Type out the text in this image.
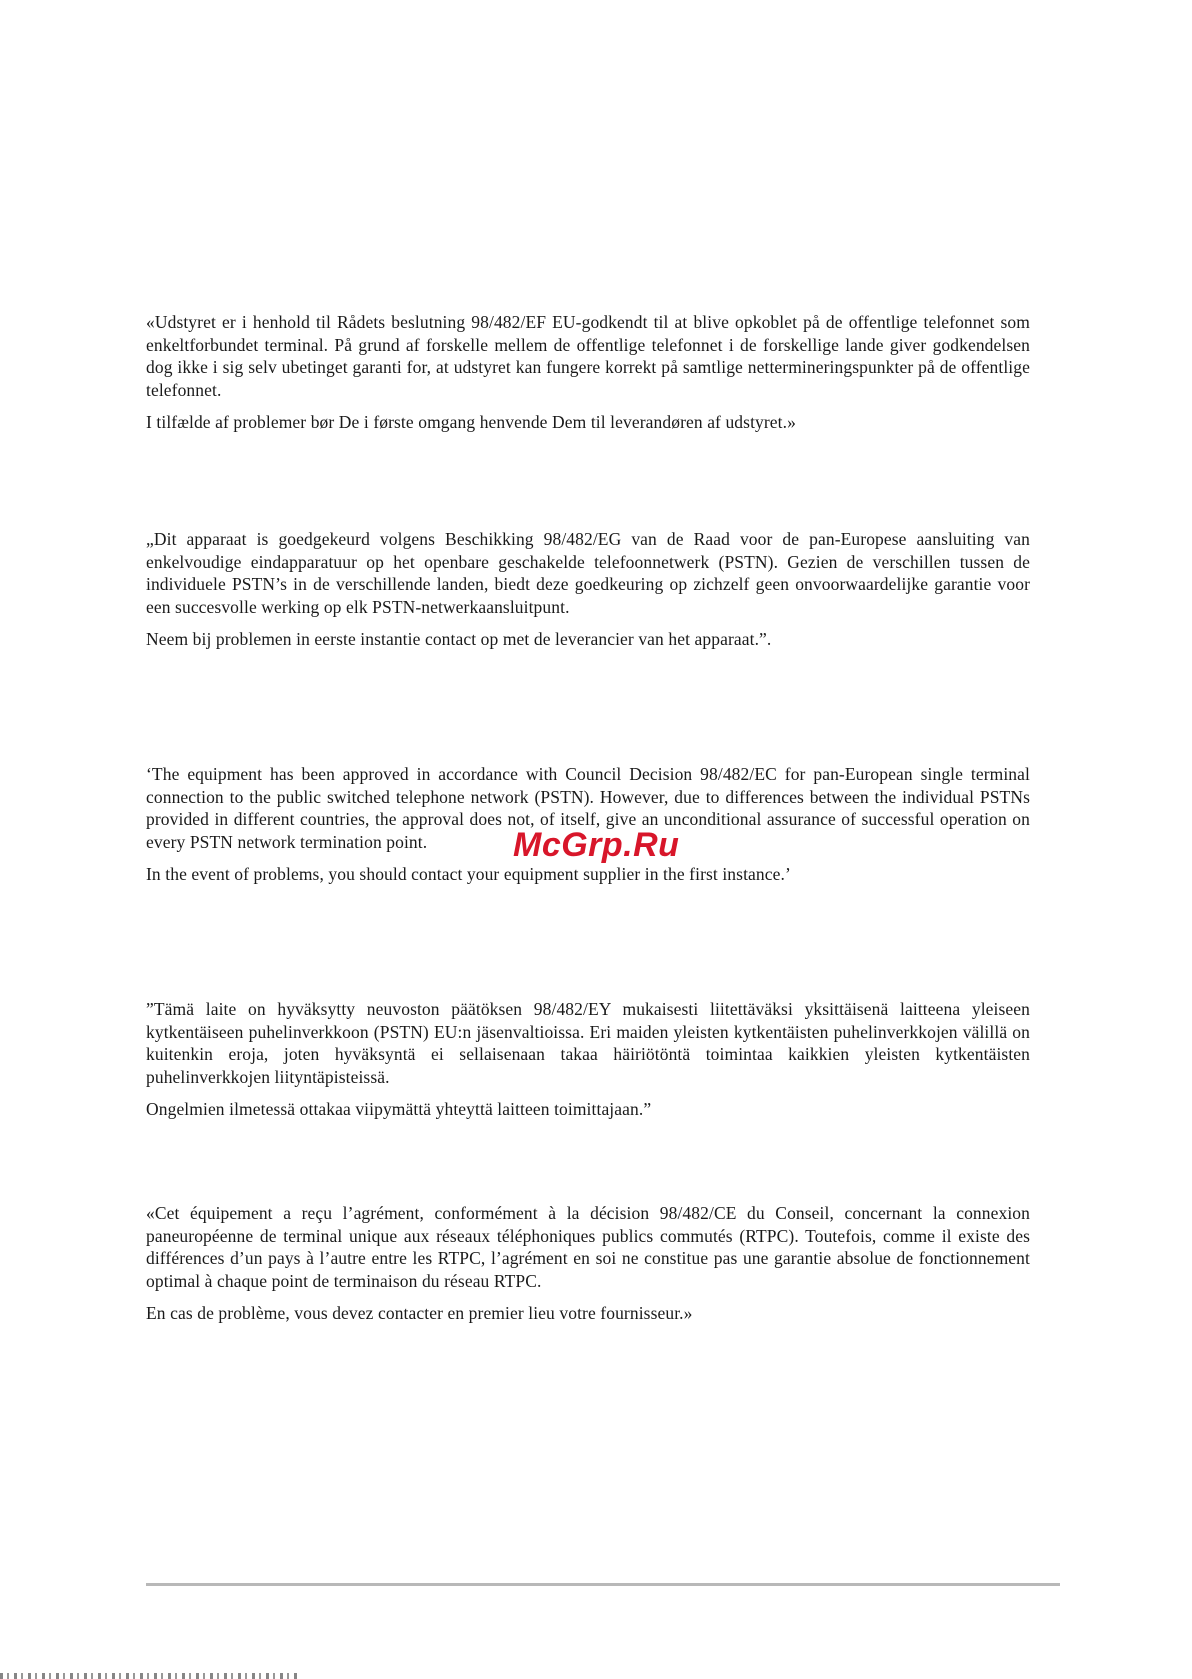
«Udstyret er i henhold til Rådets beslutning 98/482/EF EU-godkendt til at blive opkoblet på de offentlige telefonnet som enkeltforbundet terminal. På grund af forskelle mellem de offentlige telefonnet i de forskellige lande giver godkendelsen dog ikke i sig selv ubetinget garanti for, at udstyret kan fungere korrekt på samtlige nettermineringspunkter på de offentlige telefonnet.

I tilfælde af problemer bør De i første omgang henvende Dem til leverandøren af udstyret.»

„Dit apparaat is goedgekeurd volgens Beschikking 98/482/EG van de Raad voor de pan-Europese aansluiting van enkelvoudige eindapparatuur op het openbare geschakelde telefoonnetwerk (PSTN). Gezien de verschillen tussen de individuele PSTN’s in de verschillende landen, biedt deze goedkeuring op zichzelf geen onvoorwaardelijke garantie voor een succesvolle werking op elk PSTN-netwerkaansluitpunt.

Neem bij problemen in eerste instantie contact op met de leverancier van het apparaat.”.

‘The equipment has been approved in accordance with Council Decision 98/482/EC for pan-European single terminal connection to the public switched telephone network (PSTN). However, due to differences between the individual PSTNs provided in different countries, the approval does not, of itself, give an unconditional assurance of successful operation on every PSTN network termination point.

In the event of problems, you should contact your equipment supplier in the first instance.’

”Tämä laite on hyväksytty neuvoston päätöksen 98/482/EY mukaisesti liitettäväksi yksittäisenä laitteena yleiseen kytkentäiseen puhelinverkkoon (PSTN) EU:n jäsenvaltioissa. Eri maiden yleisten kytkentäisten puhelinverkkojen välillä on kuitenkin eroja, joten hyväksyntä ei sellaisenaan takaa häiriötöntä toimintaa kaikkien yleisten kytkentäisten puhelinverkkojen liityntäpisteissä.

Ongelmien ilmetessä ottakaa viipymättä yhteyttä laitteen toimittajaan.”

«Cet équipement a reçu l’agrément, conformément à la décision 98/482/CE du Conseil, concernant la connexion paneuropéenne de terminal unique aux réseaux téléphoniques publics commutés (RTPC). Toutefois, comme il existe des différences d’un pays à l’autre entre les RTPC, l’agrément en soi ne constitue pas une garantie absolue de fonctionnement optimal à chaque point de terminaison du réseau RTPC.

En cas de problème, vous devez contacter en premier lieu votre fournisseur.»

McGrp.Ru
